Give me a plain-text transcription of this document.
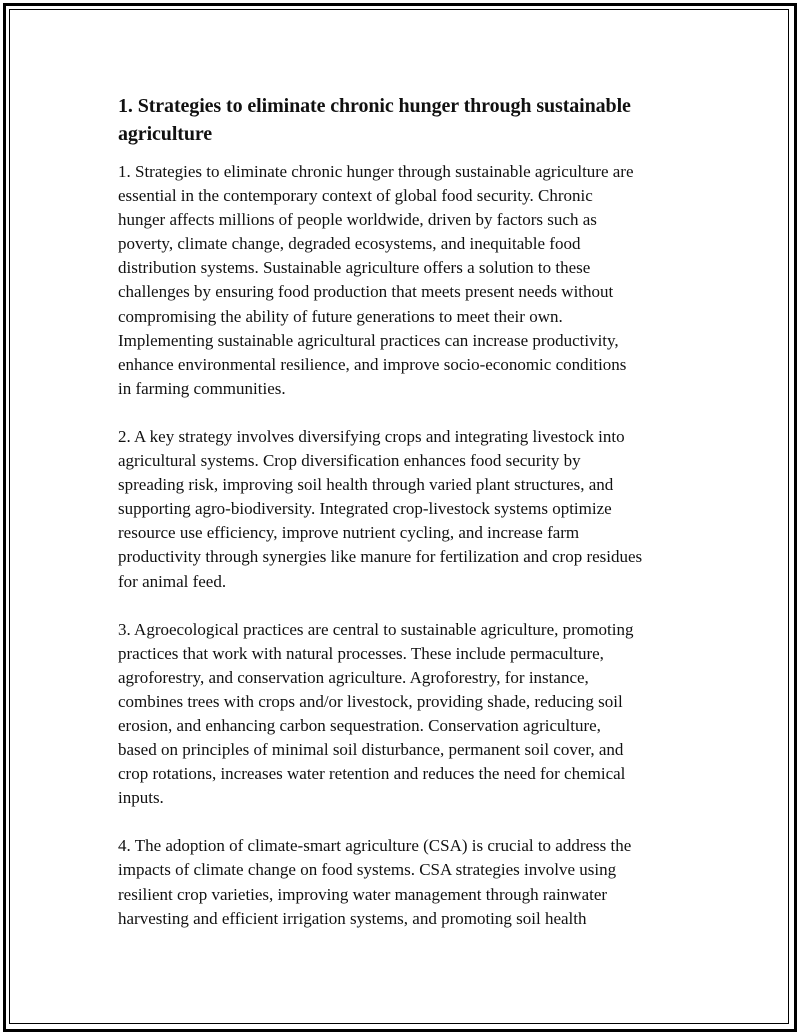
1. Strategies to eliminate chronic hunger through sustainable
agriculture

1. Strategies to eliminate chronic hunger through sustainable agriculture are
essential in the contemporary context of global food security. Chronic
hunger affects millions of people worldwide, driven by factors such as
poverty, climate change, degraded ecosystems, and inequitable food
distribution systems. Sustainable agriculture offers a solution to these
challenges by ensuring food production that meets present needs without
compromising the ability of future generations to meet their own.
Implementing sustainable agricultural practices can increase productivity,
enhance environmental resilience, and improve socio-economic conditions
in farming communities.

2. A key strategy involves diversifying crops and integrating livestock into
agricultural systems. Crop diversification enhances food security by
spreading risk, improving soil health through varied plant structures, and
supporting agro-biodiversity. Integrated crop-livestock systems optimize
resource use efficiency, improve nutrient cycling, and increase farm
productivity through synergies like manure for fertilization and crop residues
for animal feed.

3. Agroecological practices are central to sustainable agriculture, promoting
practices that work with natural processes. These include permaculture,
agroforestry, and conservation agriculture. Agroforestry, for instance,
combines trees with crops and/or livestock, providing shade, reducing soil
erosion, and enhancing carbon sequestration. Conservation agriculture,
based on principles of minimal soil disturbance, permanent soil cover, and
crop rotations, increases water retention and reduces the need for chemical
inputs.

4. The adoption of climate-smart agriculture (CSA) is crucial to address the
impacts of climate change on food systems. CSA strategies involve using
resilient crop varieties, improving water management through rainwater
harvesting and efficient irrigation systems, and promoting soil health
